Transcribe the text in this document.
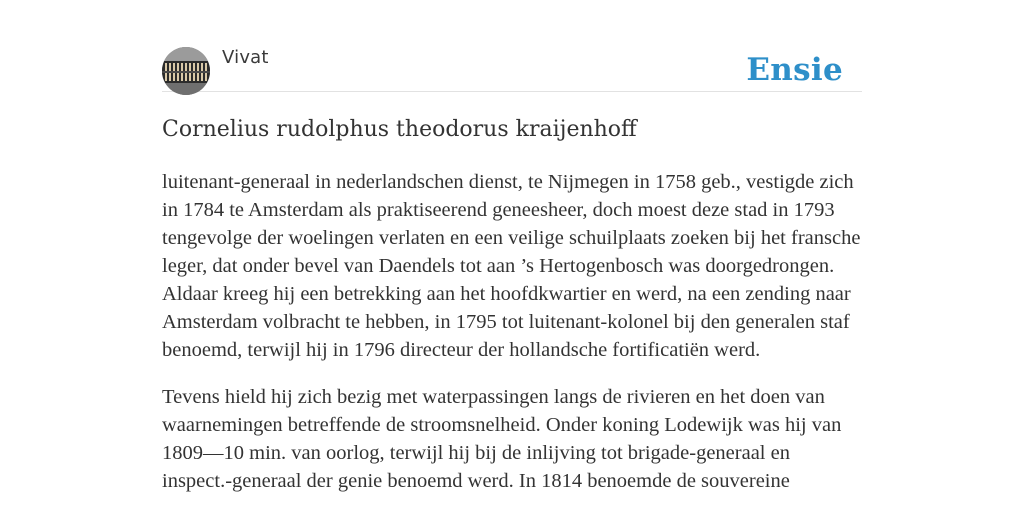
Vivat	Ensie
Cornelius rudolphus theodorus kraijenhoff

luitenant-generaal in nederlandschen dienst, te Nijmegen in 1758 geb., vestigde zich in 1784 te Amsterdam als praktiseerend geneesheer, doch moest deze stad in 1793 tengevolge der woelingen verlaten en een veilige schuilplaats zoeken bij het fransche leger, dat onder bevel van Daendels tot aan ’s Hertogenbosch was doorgedrongen. Aldaar kreeg hij een betrekking aan het hoofdkwartier en werd, na een zending naar Amsterdam volbracht te hebben, in 1795 tot luitenant-kolonel bij den generalen staf benoemd, terwijl hij in 1796 directeur der hollandsche fortificatiën werd.

Tevens hield hij zich bezig met waterpassingen langs de rivieren en het doen van waarnemingen betreffende de stroomsnelheid. Onder koning Lodewijk was hij van 1809—10 min. van oorlog, terwijl hij bij de inlijving tot brigade-generaal en inspect.-generaal der genie benoemd werd. In 1814 benoemde de souvereine
